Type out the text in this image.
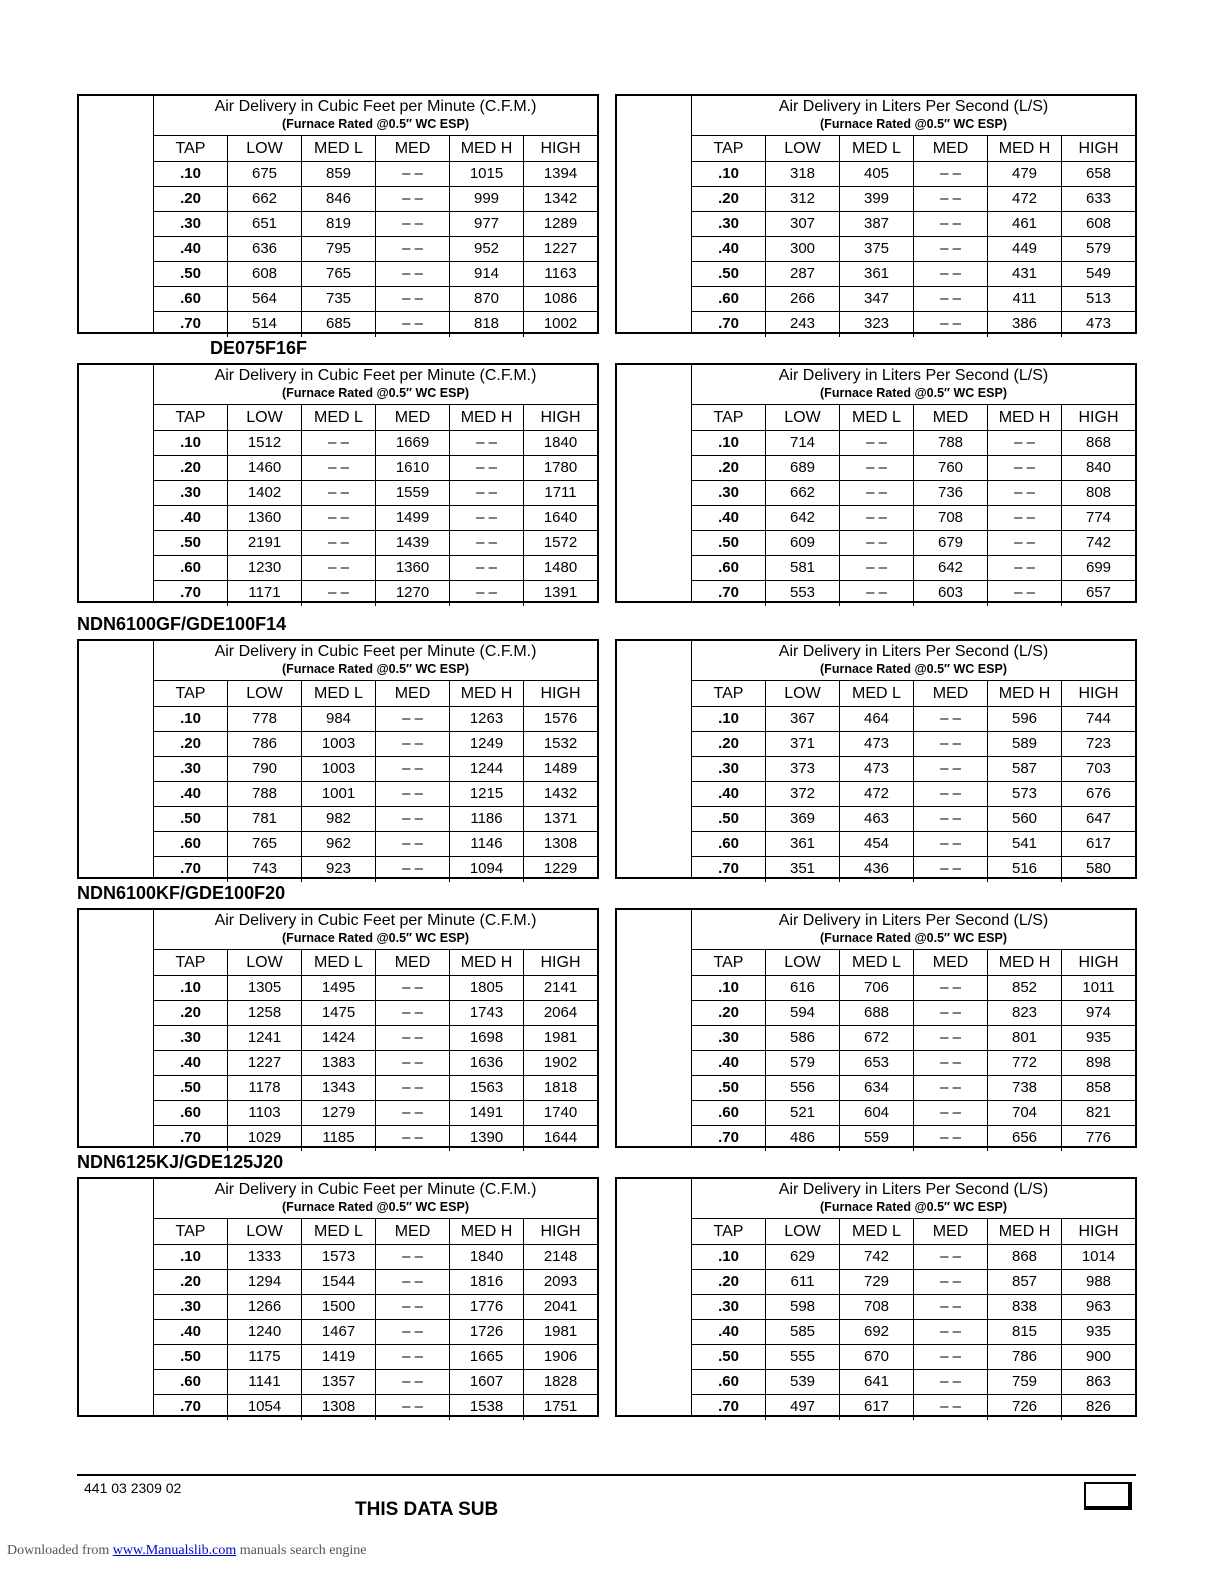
Air Delivery in Cubic Feet per Minute (C.F.M.)
(Furnace Rated @0.5″ WC ESP)
TAP	LOW	MED L	MED	MED H	HIGH
.10	675	859	– –	1015	1394
.20	662	846	– –	999	1342
.30	651	819	– –	977	1289
.40	636	795	– –	952	1227
.50	608	765	– –	914	1163
.60	564	735	– –	870	1086
.70	514	685	– –	818	1002
Air Delivery in Liters Per Second (L/S)
(Furnace Rated @0.5″ WC ESP)
TAP	LOW	MED L	MED	MED H	HIGH
.10	318	405	– –	479	658
.20	312	399	– –	472	633
.30	307	387	– –	461	608
.40	300	375	– –	449	579
.50	287	361	– –	431	549
.60	266	347	– –	411	513
.70	243	323	– –	386	473
DE075F16F
Air Delivery in Cubic Feet per Minute (C.F.M.)
(Furnace Rated @0.5″ WC ESP)
TAP	LOW	MED L	MED	MED H	HIGH
.10	1512	– –	1669	– –	1840
.20	1460	– –	1610	– –	1780
.30	1402	– –	1559	– –	1711
.40	1360	– –	1499	– –	1640
.50	2191	– –	1439	– –	1572
.60	1230	– –	1360	– –	1480
.70	1171	– –	1270	– –	1391
Air Delivery in Liters Per Second (L/S)
(Furnace Rated @0.5″ WC ESP)
TAP	LOW	MED L	MED	MED H	HIGH
.10	714	– –	788	– –	868
.20	689	– –	760	– –	840
.30	662	– –	736	– –	808
.40	642	– –	708	– –	774
.50	609	– –	679	– –	742
.60	581	– –	642	– –	699
.70	553	– –	603	– –	657
NDN6100GF/GDE100F14
Air Delivery in Cubic Feet per Minute (C.F.M.)
(Furnace Rated @0.5″ WC ESP)
TAP	LOW	MED L	MED	MED H	HIGH
.10	778	984	– –	1263	1576
.20	786	1003	– –	1249	1532
.30	790	1003	– –	1244	1489
.40	788	1001	– –	1215	1432
.50	781	982	– –	1186	1371
.60	765	962	– –	1146	1308
.70	743	923	– –	1094	1229
Air Delivery in Liters Per Second (L/S)
(Furnace Rated @0.5″ WC ESP)
TAP	LOW	MED L	MED	MED H	HIGH
.10	367	464	– –	596	744
.20	371	473	– –	589	723
.30	373	473	– –	587	703
.40	372	472	– –	573	676
.50	369	463	– –	560	647
.60	361	454	– –	541	617
.70	351	436	– –	516	580
NDN6100KF/GDE100F20
Air Delivery in Cubic Feet per Minute (C.F.M.)
(Furnace Rated @0.5″ WC ESP)
TAP	LOW	MED L	MED	MED H	HIGH
.10	1305	1495	– –	1805	2141
.20	1258	1475	– –	1743	2064
.30	1241	1424	– –	1698	1981
.40	1227	1383	– –	1636	1902
.50	1178	1343	– –	1563	1818
.60	1103	1279	– –	1491	1740
.70	1029	1185	– –	1390	1644
Air Delivery in Liters Per Second (L/S)
(Furnace Rated @0.5″ WC ESP)
TAP	LOW	MED L	MED	MED H	HIGH
.10	616	706	– –	852	1011
.20	594	688	– –	823	974
.30	586	672	– –	801	935
.40	579	653	– –	772	898
.50	556	634	– –	738	858
.60	521	604	– –	704	821
.70	486	559	– –	656	776
NDN6125KJ/GDE125J20
Air Delivery in Cubic Feet per Minute (C.F.M.)
(Furnace Rated @0.5″ WC ESP)
TAP	LOW	MED L	MED	MED H	HIGH
.10	1333	1573	– –	1840	2148
.20	1294	1544	– –	1816	2093
.30	1266	1500	– –	1776	2041
.40	1240	1467	– –	1726	1981
.50	1175	1419	– –	1665	1906
.60	1141	1357	– –	1607	1828
.70	1054	1308	– –	1538	1751
Air Delivery in Liters Per Second (L/S)
(Furnace Rated @0.5″ WC ESP)
TAP	LOW	MED L	MED	MED H	HIGH
.10	629	742	– –	868	1014
.20	611	729	– –	857	988
.30	598	708	– –	838	963
.40	585	692	– –	815	935
.50	555	670	– –	786	900
.60	539	641	– –	759	863
.70	497	617	– –	726	826
441 03 2309 02
THIS DATA SUB
Downloaded from www.Manualslib.com manuals search engine
